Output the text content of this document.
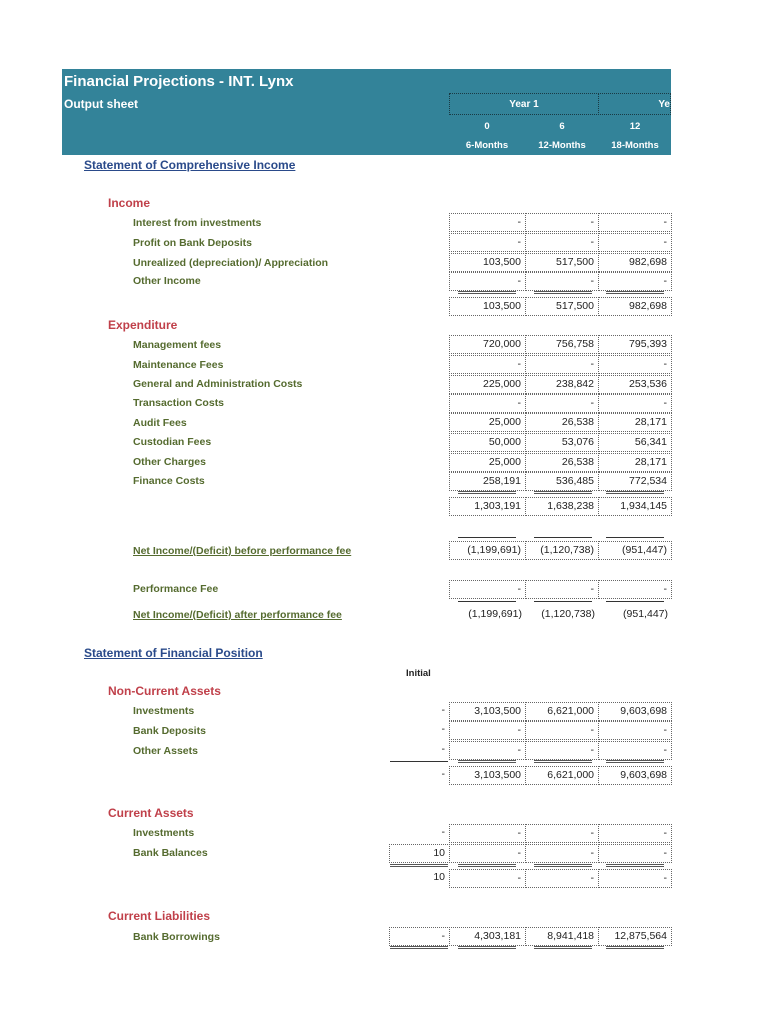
Financial Projections - INT. Lynx
Output sheet	Year 1	Ye
0	6	12
6-Months	12-Months	18-Months
Statement of Comprehensive Income
Income
Interest from investments	-	-	-
Profit on Bank Deposits	-	-	-
Unrealized (depreciation)/ Appreciation	103,500	517,500	982,698
Other Income	-	-	-
103,500	517,500	982,698
Expenditure
Management fees	720,000	756,758	795,393
Maintenance Fees	-	-	-
General and Administration Costs	225,000	238,842	253,536
Transaction Costs	-	-	-
Audit Fees	25,000	26,538	28,171
Custodian Fees	50,000	53,076	56,341
Other Charges	25,000	26,538	28,171
Finance Costs	258,191	536,485	772,534
1,303,191	1,638,238	1,934,145
Net Income/(Deficit) before performance fee	(1,199,691)	(1,120,738)	(951,447)
Performance Fee	-	-	-
Net Income/(Deficit) after performance fee	(1,199,691)	(1,120,738)	(951,447)
Statement of Financial Position
Initial
Non-Current Assets
Investments	-	3,103,500	6,621,000	9,603,698
Bank Deposits	-	-	-	-
Other Assets	-	-	-	-
-	3,103,500	6,621,000	9,603,698
Current Assets
Investments	-	-	-	-
Bank Balances	10	-	-	-
10	-	-	-
Current Liabilities
Bank Borrowings	-	4,303,181	8,941,418	12,875,564
